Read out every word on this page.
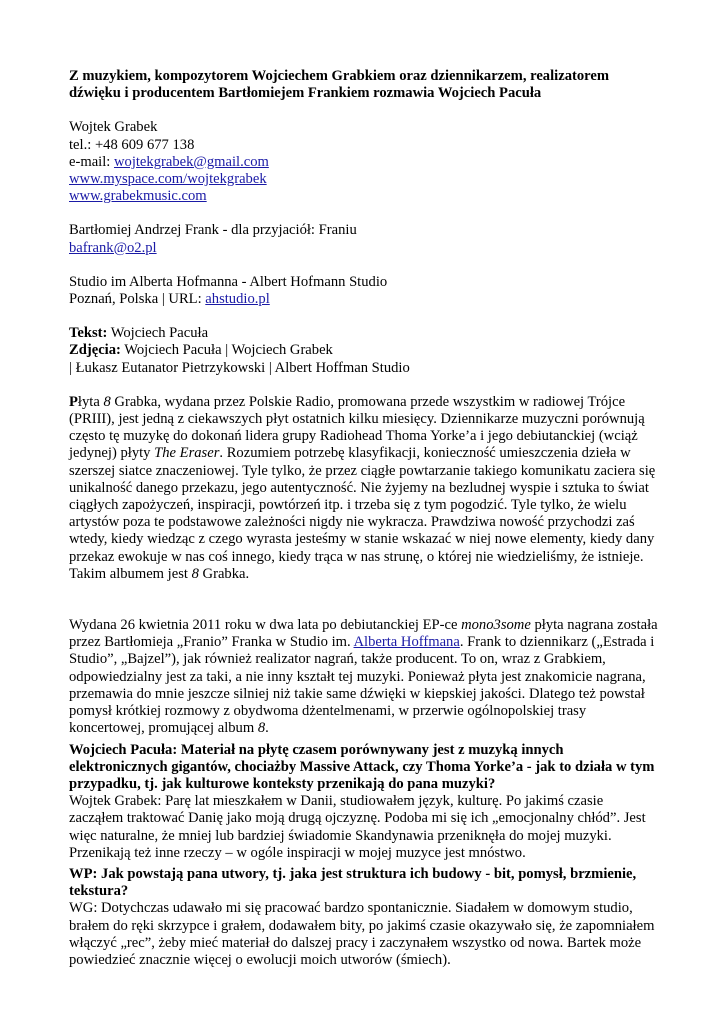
Z muzykiem, kompozytorem Wojciechem Grabkiem oraz dziennikarzem, realizatorem dźwięku i producentem Bartłomiejem Frankiem rozmawia Wojciech Pacuła

Wojtek Grabek

tel.: +48 609 677 138

e-mail: wojtekgrabek@gmail.com

www.myspace.com/wojtekgrabek

www.grabekmusic.com

Bartłomiej Andrzej Frank - dla przyjaciół: Franiu

bafrank@o2.pl

Studio im Alberta Hofmanna - Albert Hofmann Studio

Poznań, Polska | URL: ahstudio.pl

Tekst: Wojciech Pacuła

Zdjęcia: Wojciech Pacuła | Wojciech Grabek

| Łukasz Eutanator Pietrzykowski | Albert Hoffman Studio

Płyta 8 Grabka, wydana przez Polskie Radio, promowana przede wszystkim w radiowej Trójce (PRIII), jest jedną z ciekawszych płyt ostatnich kilku miesięcy. Dziennikarze muzyczni porównują często tę muzykę do dokonań lidera grupy Radiohead Thoma Yorke’a i jego debiutanckiej (wciąż jedynej) płyty The Eraser. Rozumiem potrzebę klasyfikacji, konieczność umieszczenia dzieła w szerszej siatce znaczeniowej. Tyle tylko, że przez ciągłe powtarzanie takiego komunikatu zaciera się unikalność danego przekazu, jego autentyczność. Nie żyjemy na bezludnej wyspie i sztuka to świat ciągłych zapożyczeń, inspiracji, powtórzeń itp. i trzeba się z tym pogodzić. Tyle tylko, że wielu artystów poza te podstawowe zależności nigdy nie wykracza. Prawdziwa nowość przychodzi zaś wtedy, kiedy wiedząc z czego wyrasta jesteśmy w stanie wskazać w niej nowe elementy, kiedy dany przekaz ewokuje w nas coś innego, kiedy trąca w nas strunę, o której nie wiedzieliśmy, że istnieje. Takim albumem jest 8 Grabka.

Wydana 26 kwietnia 2011 roku w dwa lata po debiutanckiej EP-ce mono3some płyta nagrana została przez Bartłomieja „Franio” Franka w Studio im. Alberta Hoffmana. Frank to dziennikarz („Estrada i Studio”, „Bajzel”), jak również realizator nagrań, także producent. To on, wraz z Grabkiem, odpowiedzialny jest za taki, a nie inny kształt tej muzyki. Ponieważ płyta jest znakomicie nagrana, przemawia do mnie jeszcze silniej niż takie same dźwięki w kiepskiej jakości. Dlatego też powstał pomysł krótkiej rozmowy z obydwoma dżentelmenami, w przerwie ogólnopolskiej trasy koncertowej, promującej album 8.

Wojciech Pacuła: Materiał na płytę czasem porównywany jest z muzyką innych elektronicznych gigantów, chociażby Massive Attack, czy Thoma Yorke’a - jak to działa w tym przypadku, tj. jak kulturowe konteksty przenikają do pana muzyki?

Wojtek Grabek: Parę lat mieszkałem w Danii, studiowałem język, kulturę. Po jakimś czasie zacząłem traktować Danię jako moją drugą ojczyznę. Podoba mi się ich „emocjonalny chłód”. Jest więc naturalne, że mniej lub bardziej świadomie Skandynawia przeniknęła do mojej muzyki. Przenikają też inne rzeczy – w ogóle inspiracji w mojej muzyce jest mnóstwo.

WP: Jak powstają pana utwory, tj. jaka jest struktura ich budowy - bit, pomysł, brzmienie, tekstura?

WG: Dotychczas udawało mi się pracować bardzo spontanicznie. Siadałem w domowym studio, brałem do ręki skrzypce i grałem, dodawałem bity, po jakimś czasie okazywało się, że zapomniałem włączyć „rec”, żeby mieć materiał do dalszej pracy i zaczynałem wszystko od nowa. Bartek może powiedzieć znacznie więcej o ewolucji moich utworów (śmiech).
